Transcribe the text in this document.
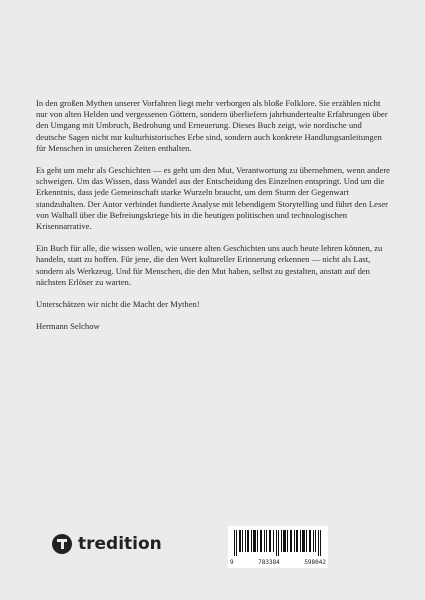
In den großen Mythen unserer Vorfahren liegt mehr verborgen als bloße Folklore. Sie erzählen nicht nur von alten Helden und vergessenen Göttern, sondern überliefern jahrhundertealte Erfahrungen über den Umgang mit Umbruch, Bedrohung und Erneuerung. Dieses Buch zeigt, wie nordische und deutsche Sagen nicht nur kulturhistorisches Erbe sind, sondern auch konkrete Handlungsanleitungen für Menschen in unsicheren Zeiten enthalten.

Es geht um mehr als Geschichten — es geht um den Mut, Verantwortung zu übernehmen, wenn andere schweigen. Um das Wissen, dass Wandel aus der Entscheidung des Einzelnen entspringt. Und um die Erkenntnis, dass jede Gemeinschaft starke Wurzeln braucht, um dem Sturm der Gegenwart standzuhalten. Der Autor verbindet fundierte Analyse mit lebendigem Storytelling und führt den Leser von Walhall über die Befreiungskriege bis in die heutigen politischen und technologischen Krisennarrative.

Ein Buch für alle, die wissen wollen, wie unsere alten Geschichten uns auch heute lehren können, zu handeln, statt zu hoffen. Für jene, die den Wert kultureller Erinnerung erkennen — nicht als Last, sondern als Werkzeug. Und für Menschen, die den Mut haben, selbst zu gestalten, anstatt auf den nächsten Erlöser zu warten.

Unterschätzen wir nicht die Macht der Mythen!

Hermann Selchow

tredition
9	783384	598042
